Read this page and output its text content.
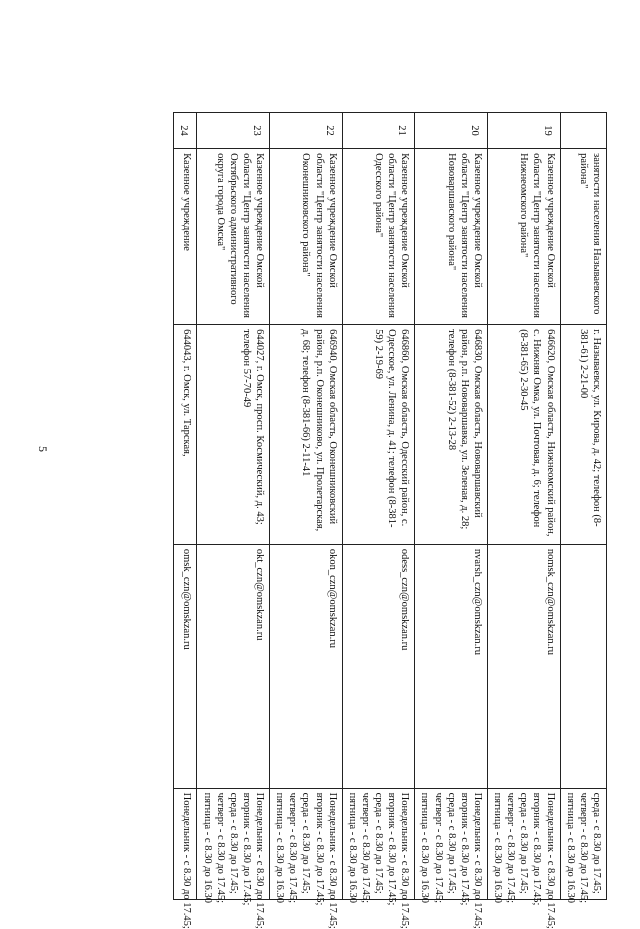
5
	занятости населения Называевского района"	г. Называевск, ул. Кирова, д. 42; телефон (8-381-61) 2-21-00		среда - с 8.30 до 17.45;
четверг - с 8.30 до 17.45;
пятница - с 8.30 до 16.30

19	Казенное учреждение Омской области "Центр занятости населения Нижнеомского района"	646620, Омская область, Нижнеомский район, с. Нижняя Омка, ул. Почтовая, д. 6; телефон (8-381-65) 2-30-45	nomsk_czn@omskzan.ru	Понедельник - с 8.30 до 17.45;
вторник - с 8.30 до 17.45;
среда - с 8.30 до 17.45;
четверг - с 8.30 до 17.45;
пятница - с 8.30 до 16.30

20	Казенное учреждение Омской области "Центр занятости населения Нововаршавского района"	646830, Омская область, Нововаршавский район, р.п. Нововаршавка, ул. Зеленая, д. 28; телефон (8-381-52) 2-13-28	nvarsh_czn@omskzan.ru	Понедельник - с 8.30 до 17.45;
вторник - с 8.30 до 17.45;
среда - с 8.30 до 17.45;
четверг - с 8.30 до 17.45;
пятница - с 8.30 до 16.30

21	Казенное учреждение Омской области "Центр занятости населения Одесского района"	646860, Омская область, Одесский район, с. Одесское, ул. Ленина, д. 41; телефон (8-381-59) 2-19-69	odess_czn@omskzan.ru	Понедельник - с 8.30 до 17.45;
вторник - с 8.30 до 17.45;
среда - с 8.30 до 17.45;
четверг - с 8.30 до 17.45;
пятница - с 8.30 до 16.30

22	Казенное учреждение Омской области "Центр занятости населения Оконешниковского района"	646940, Омская область, Оконешниковский район, р.п. Оконешниково, ул. Пролетарская, д. 68; телефон (8-381-66) 2-11-41	okon_czn@omskzan.ru	Понедельник - с 8.30 до 17.45;
вторник - с 8.30 до 17.45;
среда - с 8.30 до 17.45;
четверг - с 8.30 до 17.45;
пятница - с 8.30 до 16.30

23	Казенное учреждение Омской области "Центр занятости населения Октябрьского административного округа города Омска"	644027, г. Омск, просп. Космический, д. 43; телефон 57-70-49	okt_czn@omskzan.ru	Понедельник - с 8.30 до 17.45;
вторник - с 8.30 до 17.45;
среда - с 8.30 до 17.45;
четверг - с 8.30 до 17.45;
пятница - с 8.30 до 16.30

24	Казенное учреждение	644043, г. Омск, ул. Тарская,	omsk_czn@omskzan.ru	Понедельник - с 8.30 до 17.45;
